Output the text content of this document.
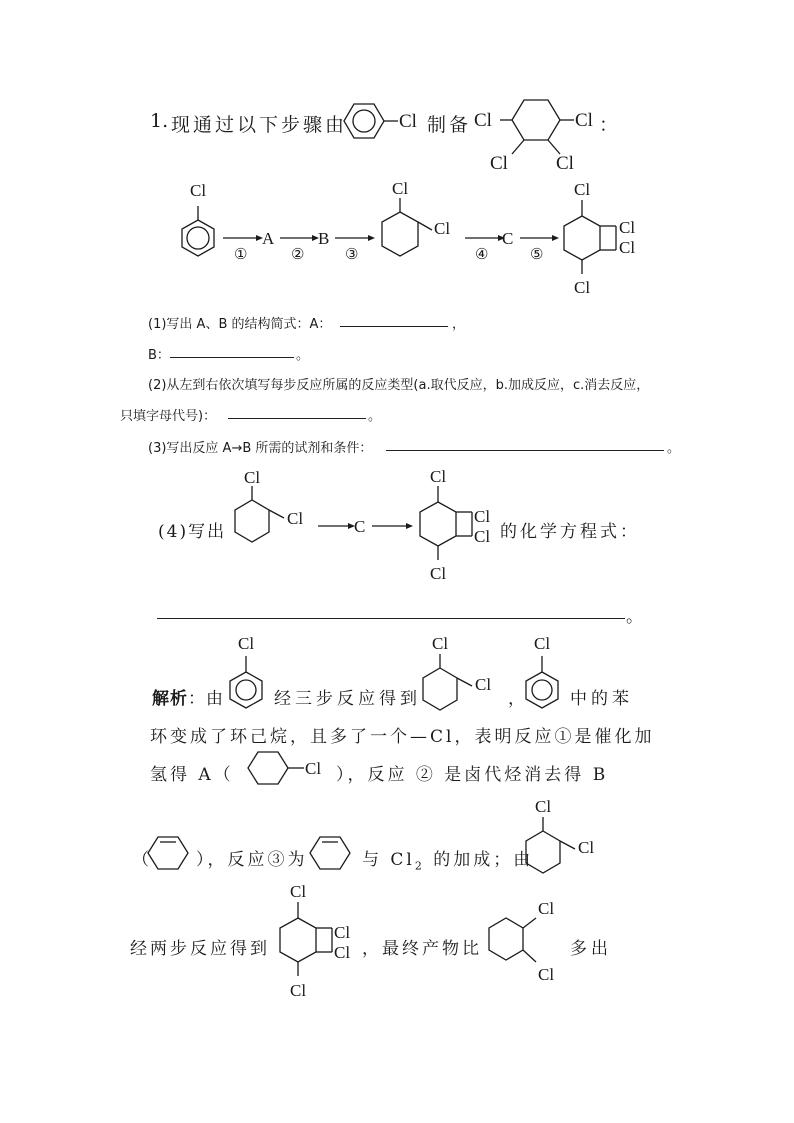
1. 现通过以下步骤由	Cl 制备 Cl	Cl
Cl	Cl
：
Cl
①
A
②
B
③
Cl
Cl
④
C
⑤
Cl
Cl
Cl
Cl
(1)写出 A、B 的结构简式：A：	，
B：	。
(2)从左到右依次填写每步反应所属的反应类型(a.取代反应，b.加成反应，c.消去反应，
只填字母代号)：	。
(3)写出反应 A→B 所需的试剂和条件：	。
(4)写出
Cl
Cl	C
Cl
Cl
Cl
Cl
的化学方程式：
。
解析：由
Cl
经三步反应得到
Cl
Cl
，
Cl
中的苯
环变成了环己烷，且多了一个—Cl，表明反应①是催化加
氢得 A（	Cl ），反应 ② 是卤代烃消去得 B
（	），反应③为	与 $Cl_2$ 的加成；由
Cl
Cl
经两步反应得到
Cl
Cl
Cl
Cl
，最终产物比
Cl
Cl
多出
